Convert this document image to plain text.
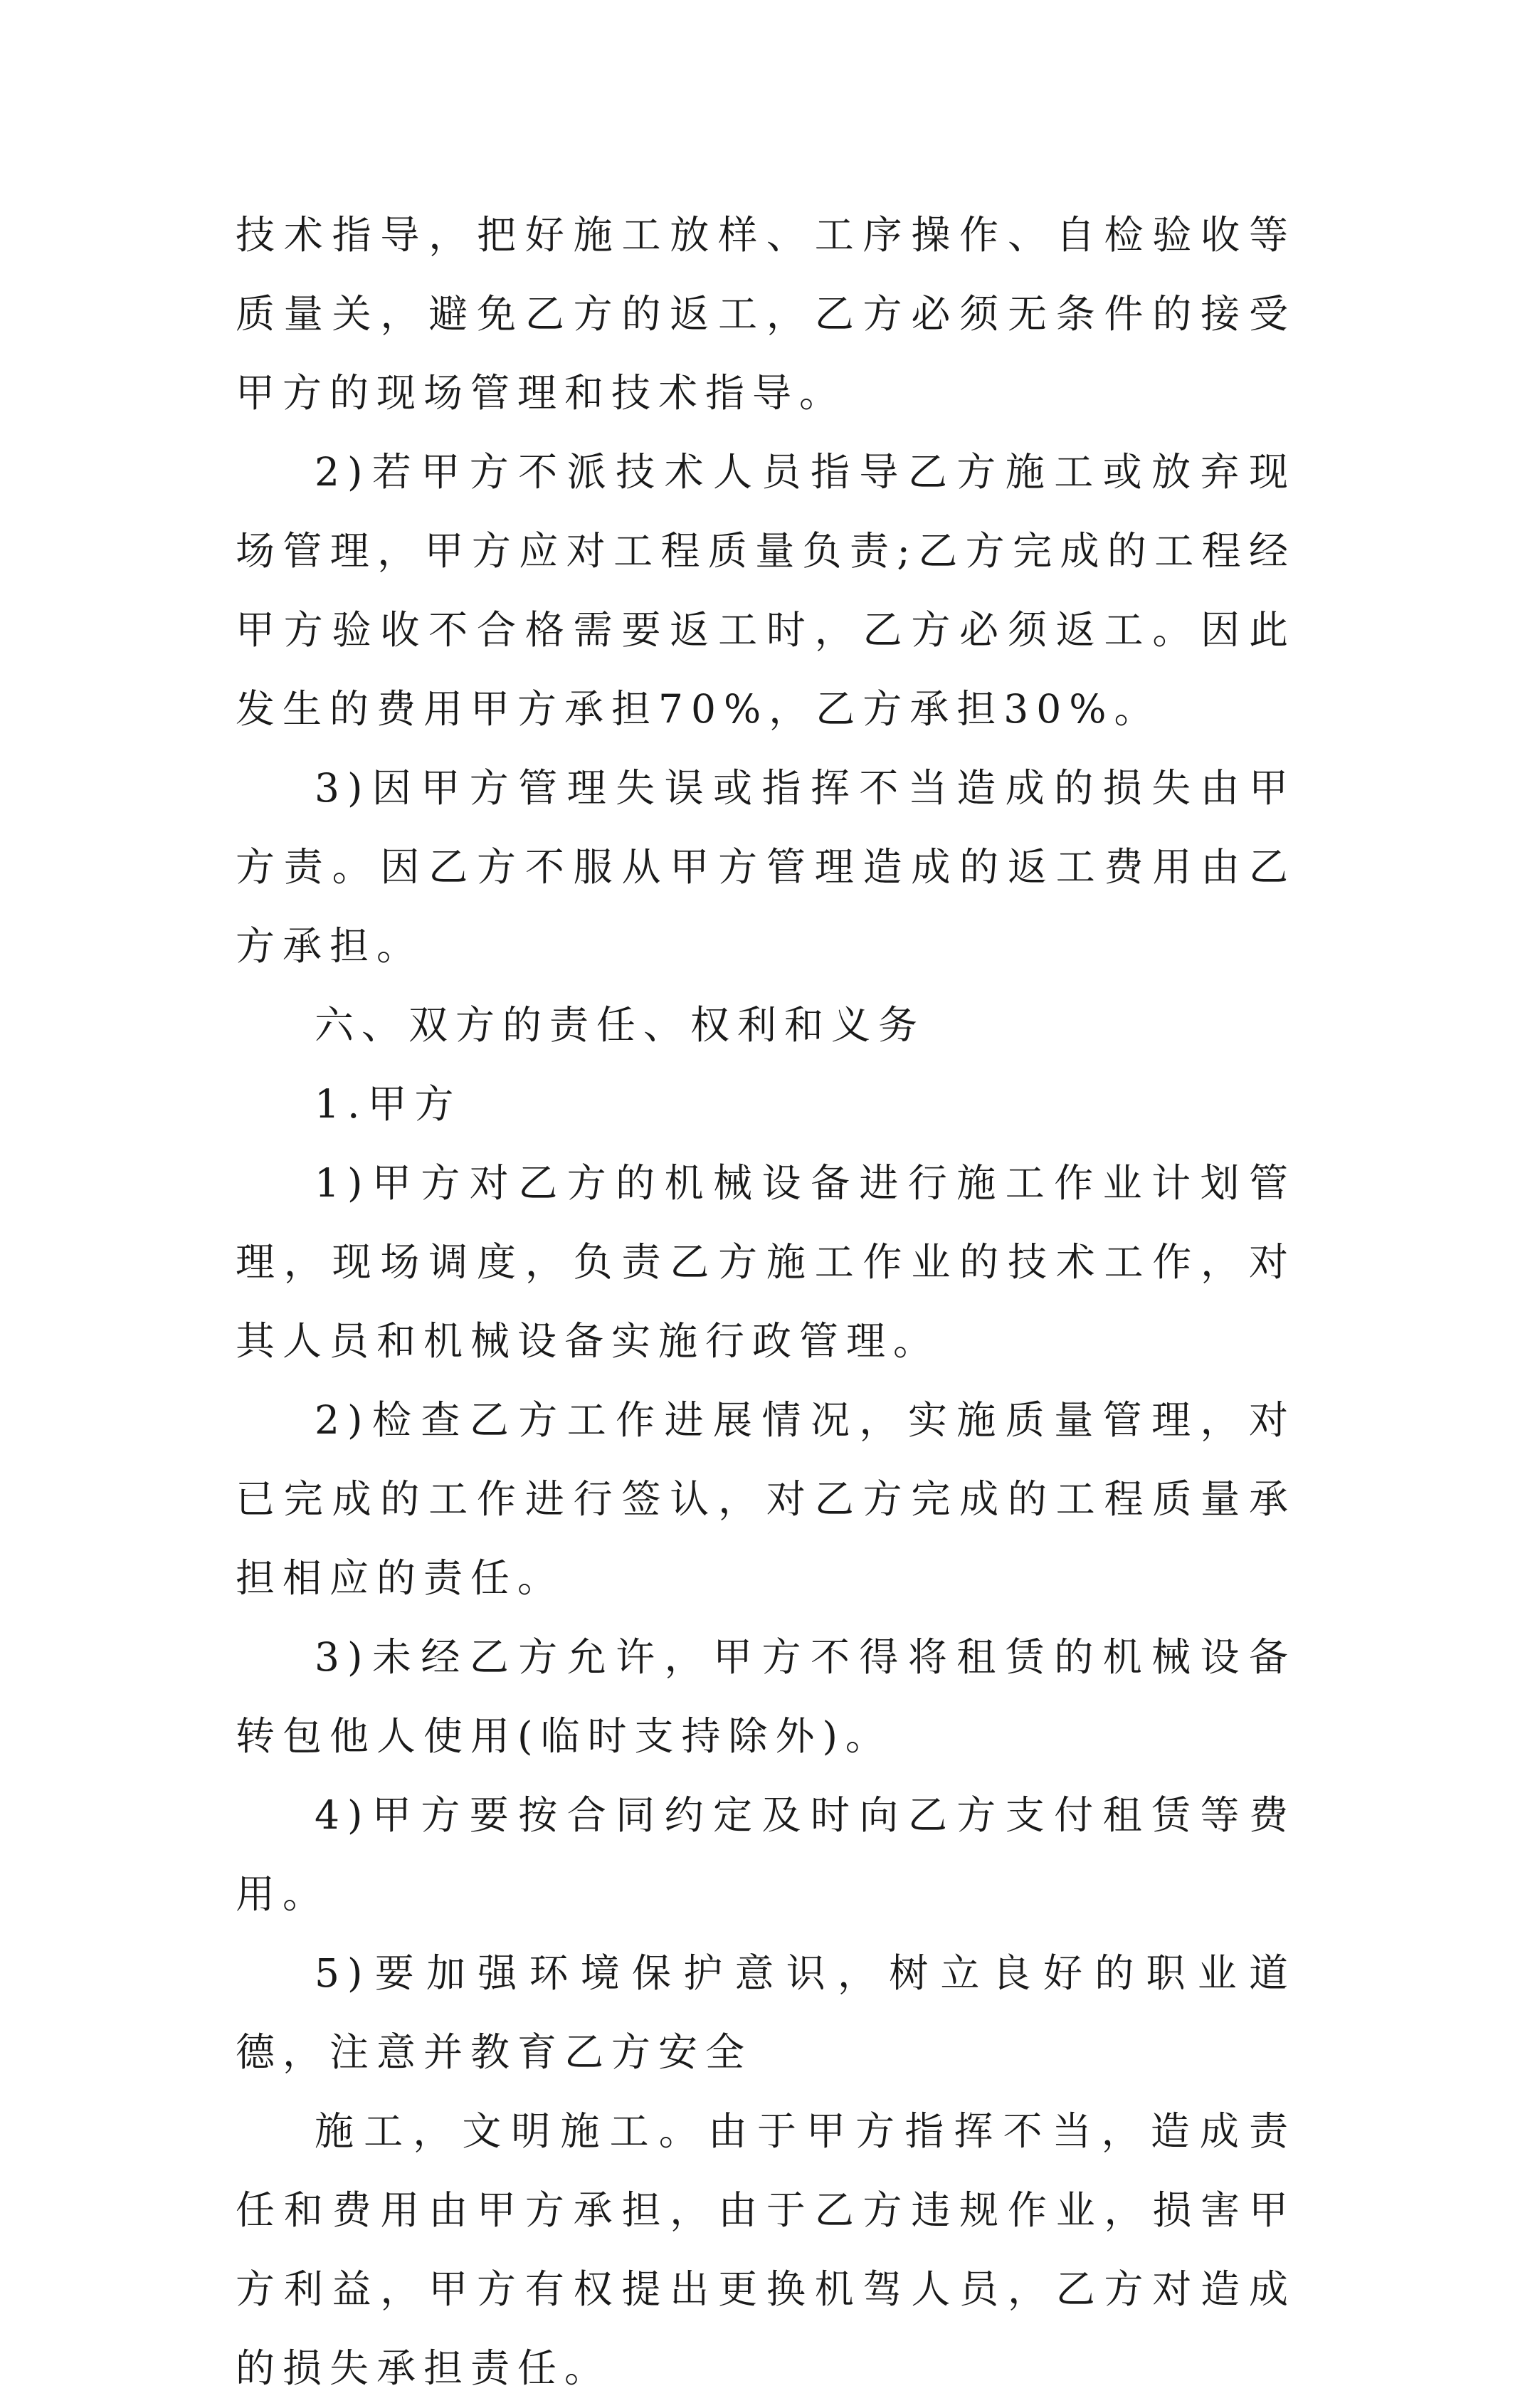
技术指导，把好施工放样、工序操作、自检验收等质量关，避免乙方的返工，乙方必须无条件的接受甲方的现场管理和技术指导。

2)若甲方不派技术人员指导乙方施工或放弃现场管理，甲方应对工程质量负责;乙方完成的工程经甲方验收不合格需要返工时，乙方必须返工。因此发生的费用甲方承担70%，乙方承担30%。

3)因甲方管理失误或指挥不当造成的损失由甲方责。因乙方不服从甲方管理造成的返工费用由乙方承担。

六、双方的责任、权利和义务

1.甲方

1)甲方对乙方的机械设备进行施工作业计划管理，现场调度，负责乙方施工作业的技术工作，对其人员和机械设备实施行政管理。

2)检查乙方工作进展情况，实施质量管理，对已完成的工作进行签认，对乙方完成的工程质量承担相应的责任。

3)未经乙方允许，甲方不得将租赁的机械设备转包他人使用(临时支持除外)。

4)甲方要按合同约定及时向乙方支付租赁等费用。

5)要加强环境保护意识，树立良好的职业道德，注意并教育乙方安全

施工，文明施工。由于甲方指挥不当，造成责任和费用由甲方承担，由于乙方违规作业，损害甲方利益，甲方有权提出更换机驾人员，乙方对造成的损失承担责任。
